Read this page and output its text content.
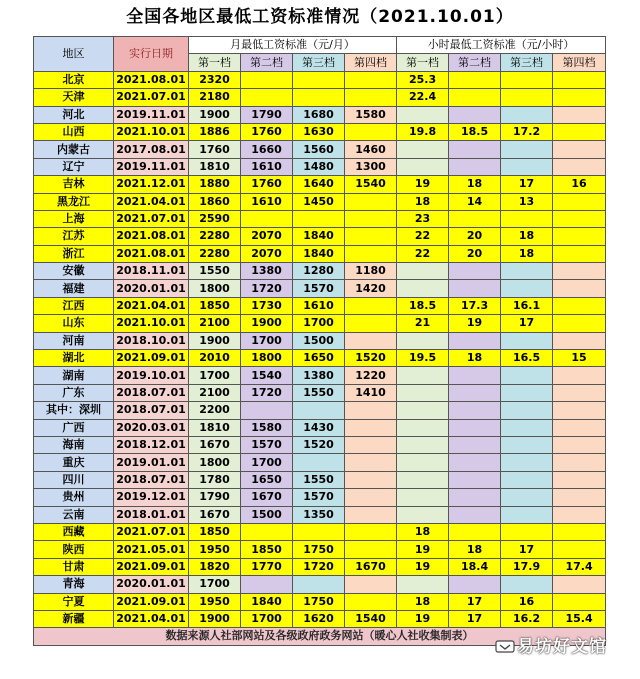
全国各地区最低工资标准情况（2021.10.01）
地区	实行日期	月最低工资标准（元/月）				小时最低工资标准（元/小时）			
		第一档	第二档	第三档	第四档	第一档	第二档	第三档	第四档
北京	2021.08.01	2320				25.3			
天津	2021.07.01	2180				22.4			
河北	2019.11.01	1900	1790	1680	1580				
山西	2021.10.01	1886	1760	1630		19.8	18.5	17.2	
内蒙古	2017.08.01	1760	1660	1560	1460				
辽宁	2019.11.01	1810	1610	1480	1300				
吉林	2021.12.01	1880	1760	1640	1540	19	18	17	16
黑龙江	2021.04.01	1860	1610	1450		18	14	13	
上海	2021.07.01	2590				23			
江苏	2021.08.01	2280	2070	1840		22	20	18	
浙江	2021.08.01	2280	2070	1840		22	20	18	
安徽	2018.11.01	1550	1380	1280	1180				
福建	2020.01.01	1800	1720	1570	1420				
江西	2021.04.01	1850	1730	1610		18.5	17.3	16.1	
山东	2021.10.01	2100	1900	1700		21	19	17	
河南	2018.10.01	1900	1700	1500					
湖北	2021.09.01	2010	1800	1650	1520	19.5	18	16.5	15
湖南	2019.10.01	1700	1540	1380	1220				
广东	2018.07.01	2100	1720	1550	1410				
其中：深圳	2018.07.01	2200							
广西	2020.03.01	1810	1580	1430					
海南	2018.12.01	1670	1570	1520					
重庆	2019.01.01	1800	1700						
四川	2018.07.01	1780	1650	1550					
贵州	2019.12.01	1790	1670	1570					
云南	2018.01.01	1670	1500	1350					
西藏	2021.07.01	1850				18			
陕西	2021.05.01	1950	1850	1750		19	18	17	
甘肃	2021.09.01	1820	1770	1720	1670	19	18.4	17.9	17.4
青海	2020.01.01	1700							
宁夏	2021.09.01	1950	1840	1750		18	17	16	
新疆	2021.04.01	1900	1700	1620	1540	19	17	16.2	15.4
数据来源人社部网站及各级政府政务网站（暖心人社收集制表）									
易坊好文馆
